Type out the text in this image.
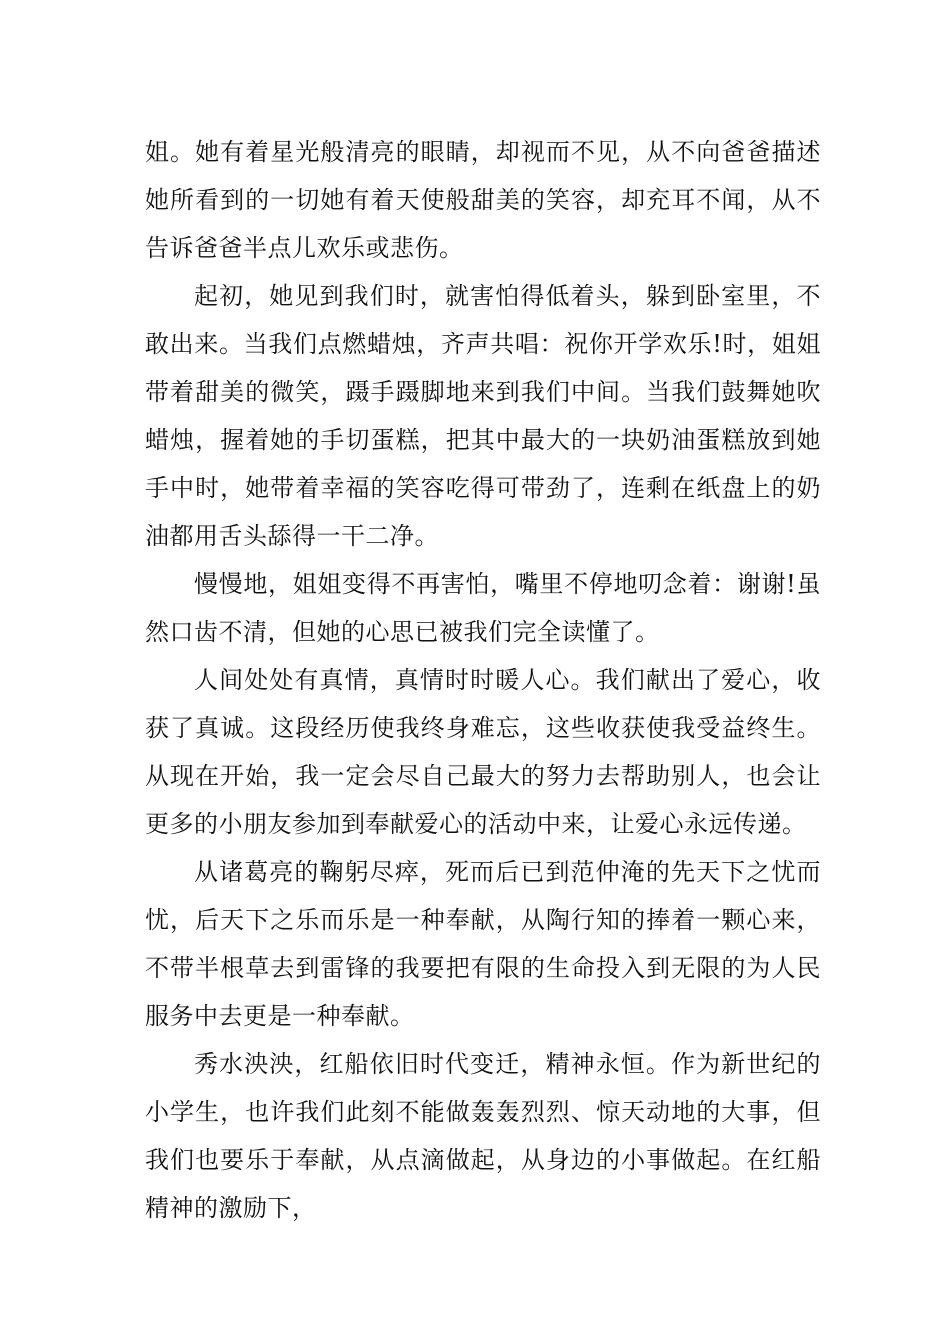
姐。她有着星光般清亮的眼睛，却视而不见，从不向爸爸描述她所看到的一切她有着天使般甜美的笑容，却充耳不闻，从不告诉爸爸半点儿欢乐或悲伤。

起初，她见到我们时，就害怕得低着头，躲到卧室里，不敢出来。当我们点燃蜡烛，齐声共唱：祝你开学欢乐!时，姐姐带着甜美的微笑，蹑手蹑脚地来到我们中间。当我们鼓舞她吹蜡烛，握着她的手切蛋糕，把其中最大的一块奶油蛋糕放到她手中时，她带着幸福的笑容吃得可带劲了，连剩在纸盘上的奶油都用舌头舔得一干二净。

慢慢地，姐姐变得不再害怕，嘴里不停地叨念着：谢谢!虽然口齿不清，但她的心思已被我们完全读懂了。

人间处处有真情，真情时时暖人心。我们献出了爱心，收获了真诚。这段经历使我终身难忘，这些收获使我受益终生。从现在开始，我一定会尽自己最大的努力去帮助别人，也会让更多的小朋友参加到奉献爱心的活动中来，让爱心永远传递。

从诸葛亮的鞠躬尽瘁，死而后已到范仲淹的先天下之忧而忧，后天下之乐而乐是一种奉献，从陶行知的捧着一颗心来，不带半根草去到雷锋的我要把有限的生命投入到无限的为人民服务中去更是一种奉献。

秀水泱泱，红船依旧时代变迁，精神永恒。作为新世纪的小学生，也许我们此刻不能做轰轰烈烈、惊天动地的大事，但我们也要乐于奉献，从点滴做起，从身边的小事做起。在红船精神的激励下，
